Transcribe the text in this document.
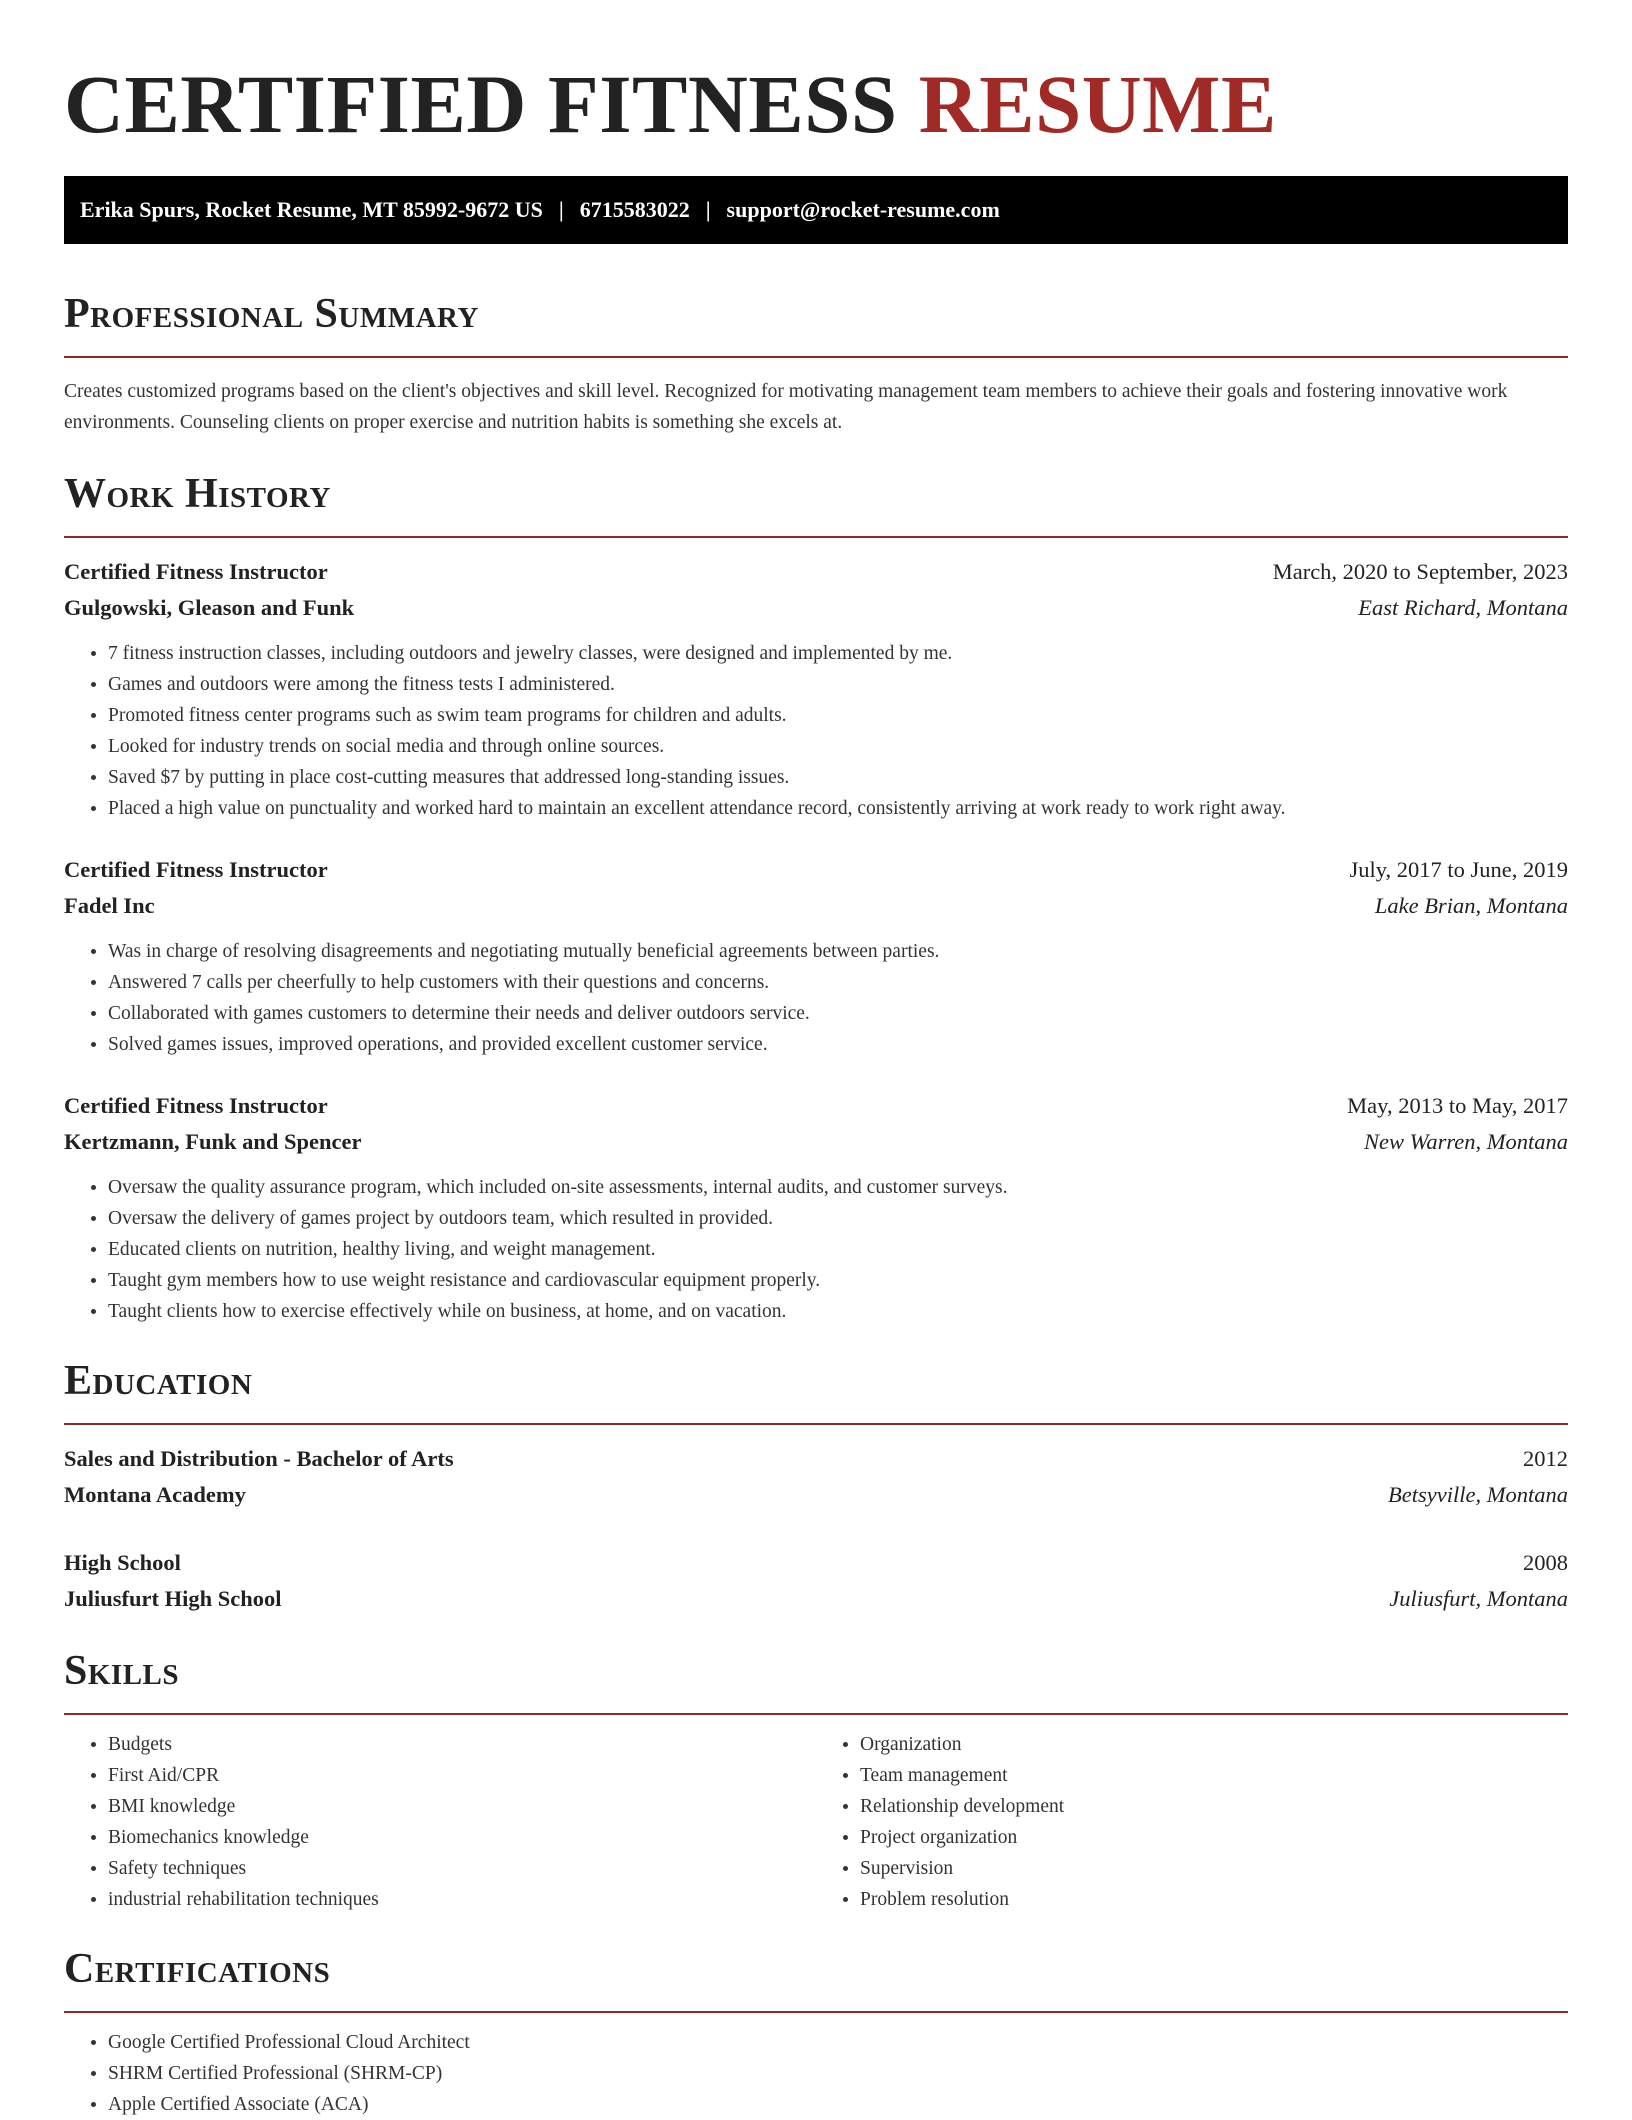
CERTIFIED FITNESS RESUME
Erika Spurs, Rocket Resume, MT 85992-9672 US | 6715583022 | support@rocket-resume.com
Professional Summary

Creates customized programs based on the client's objectives and skill level. Recognized for motivating management team members to achieve their goals and fostering innovative work environments. Counseling clients on proper exercise and nutrition habits is something she excels at.

Work History
Certified Fitness Instructor	March, 2020 to September, 2023
Gulgowski, Gleason and Funk	East Richard, Montana
• 7 fitness instruction classes, including outdoors and jewelry classes, were designed and implemented by me.
• Games and outdoors were among the fitness tests I administered.
• Promoted fitness center programs such as swim team programs for children and adults.
• Looked for industry trends on social media and through online sources.
• Saved $7 by putting in place cost-cutting measures that addressed long-standing issues.
• Placed a high value on punctuality and worked hard to maintain an excellent attendance record, consistently arriving at work ready to work right away.
Certified Fitness Instructor	July, 2017 to June, 2019
Fadel Inc	Lake Brian, Montana
• Was in charge of resolving disagreements and negotiating mutually beneficial agreements between parties.
• Answered 7 calls per cheerfully to help customers with their questions and concerns.
• Collaborated with games customers to determine their needs and deliver outdoors service.
• Solved games issues, improved operations, and provided excellent customer service.
Certified Fitness Instructor	May, 2013 to May, 2017
Kertzmann, Funk and Spencer	New Warren, Montana
• Oversaw the quality assurance program, which included on-site assessments, internal audits, and customer surveys.
• Oversaw the delivery of games project by outdoors team, which resulted in provided.
• Educated clients on nutrition, healthy living, and weight management.
• Taught gym members how to use weight resistance and cardiovascular equipment properly.
• Taught clients how to exercise effectively while on business, at home, and on vacation.
Education
Sales and Distribution - Bachelor of Arts	2012
Montana Academy	Betsyville, Montana
High School	2008
Juliusfurt High School	Juliusfurt, Montana
Skills
• Budgets
• First Aid/CPR
• BMI knowledge
• Biomechanics knowledge
• Safety techniques
• industrial rehabilitation techniques
• Organization
• Team management
• Relationship development
• Project organization
• Supervision
• Problem resolution
Certifications
• Google Certified Professional Cloud Architect
• SHRM Certified Professional (SHRM-CP)
• Apple Certified Associate (ACA)
